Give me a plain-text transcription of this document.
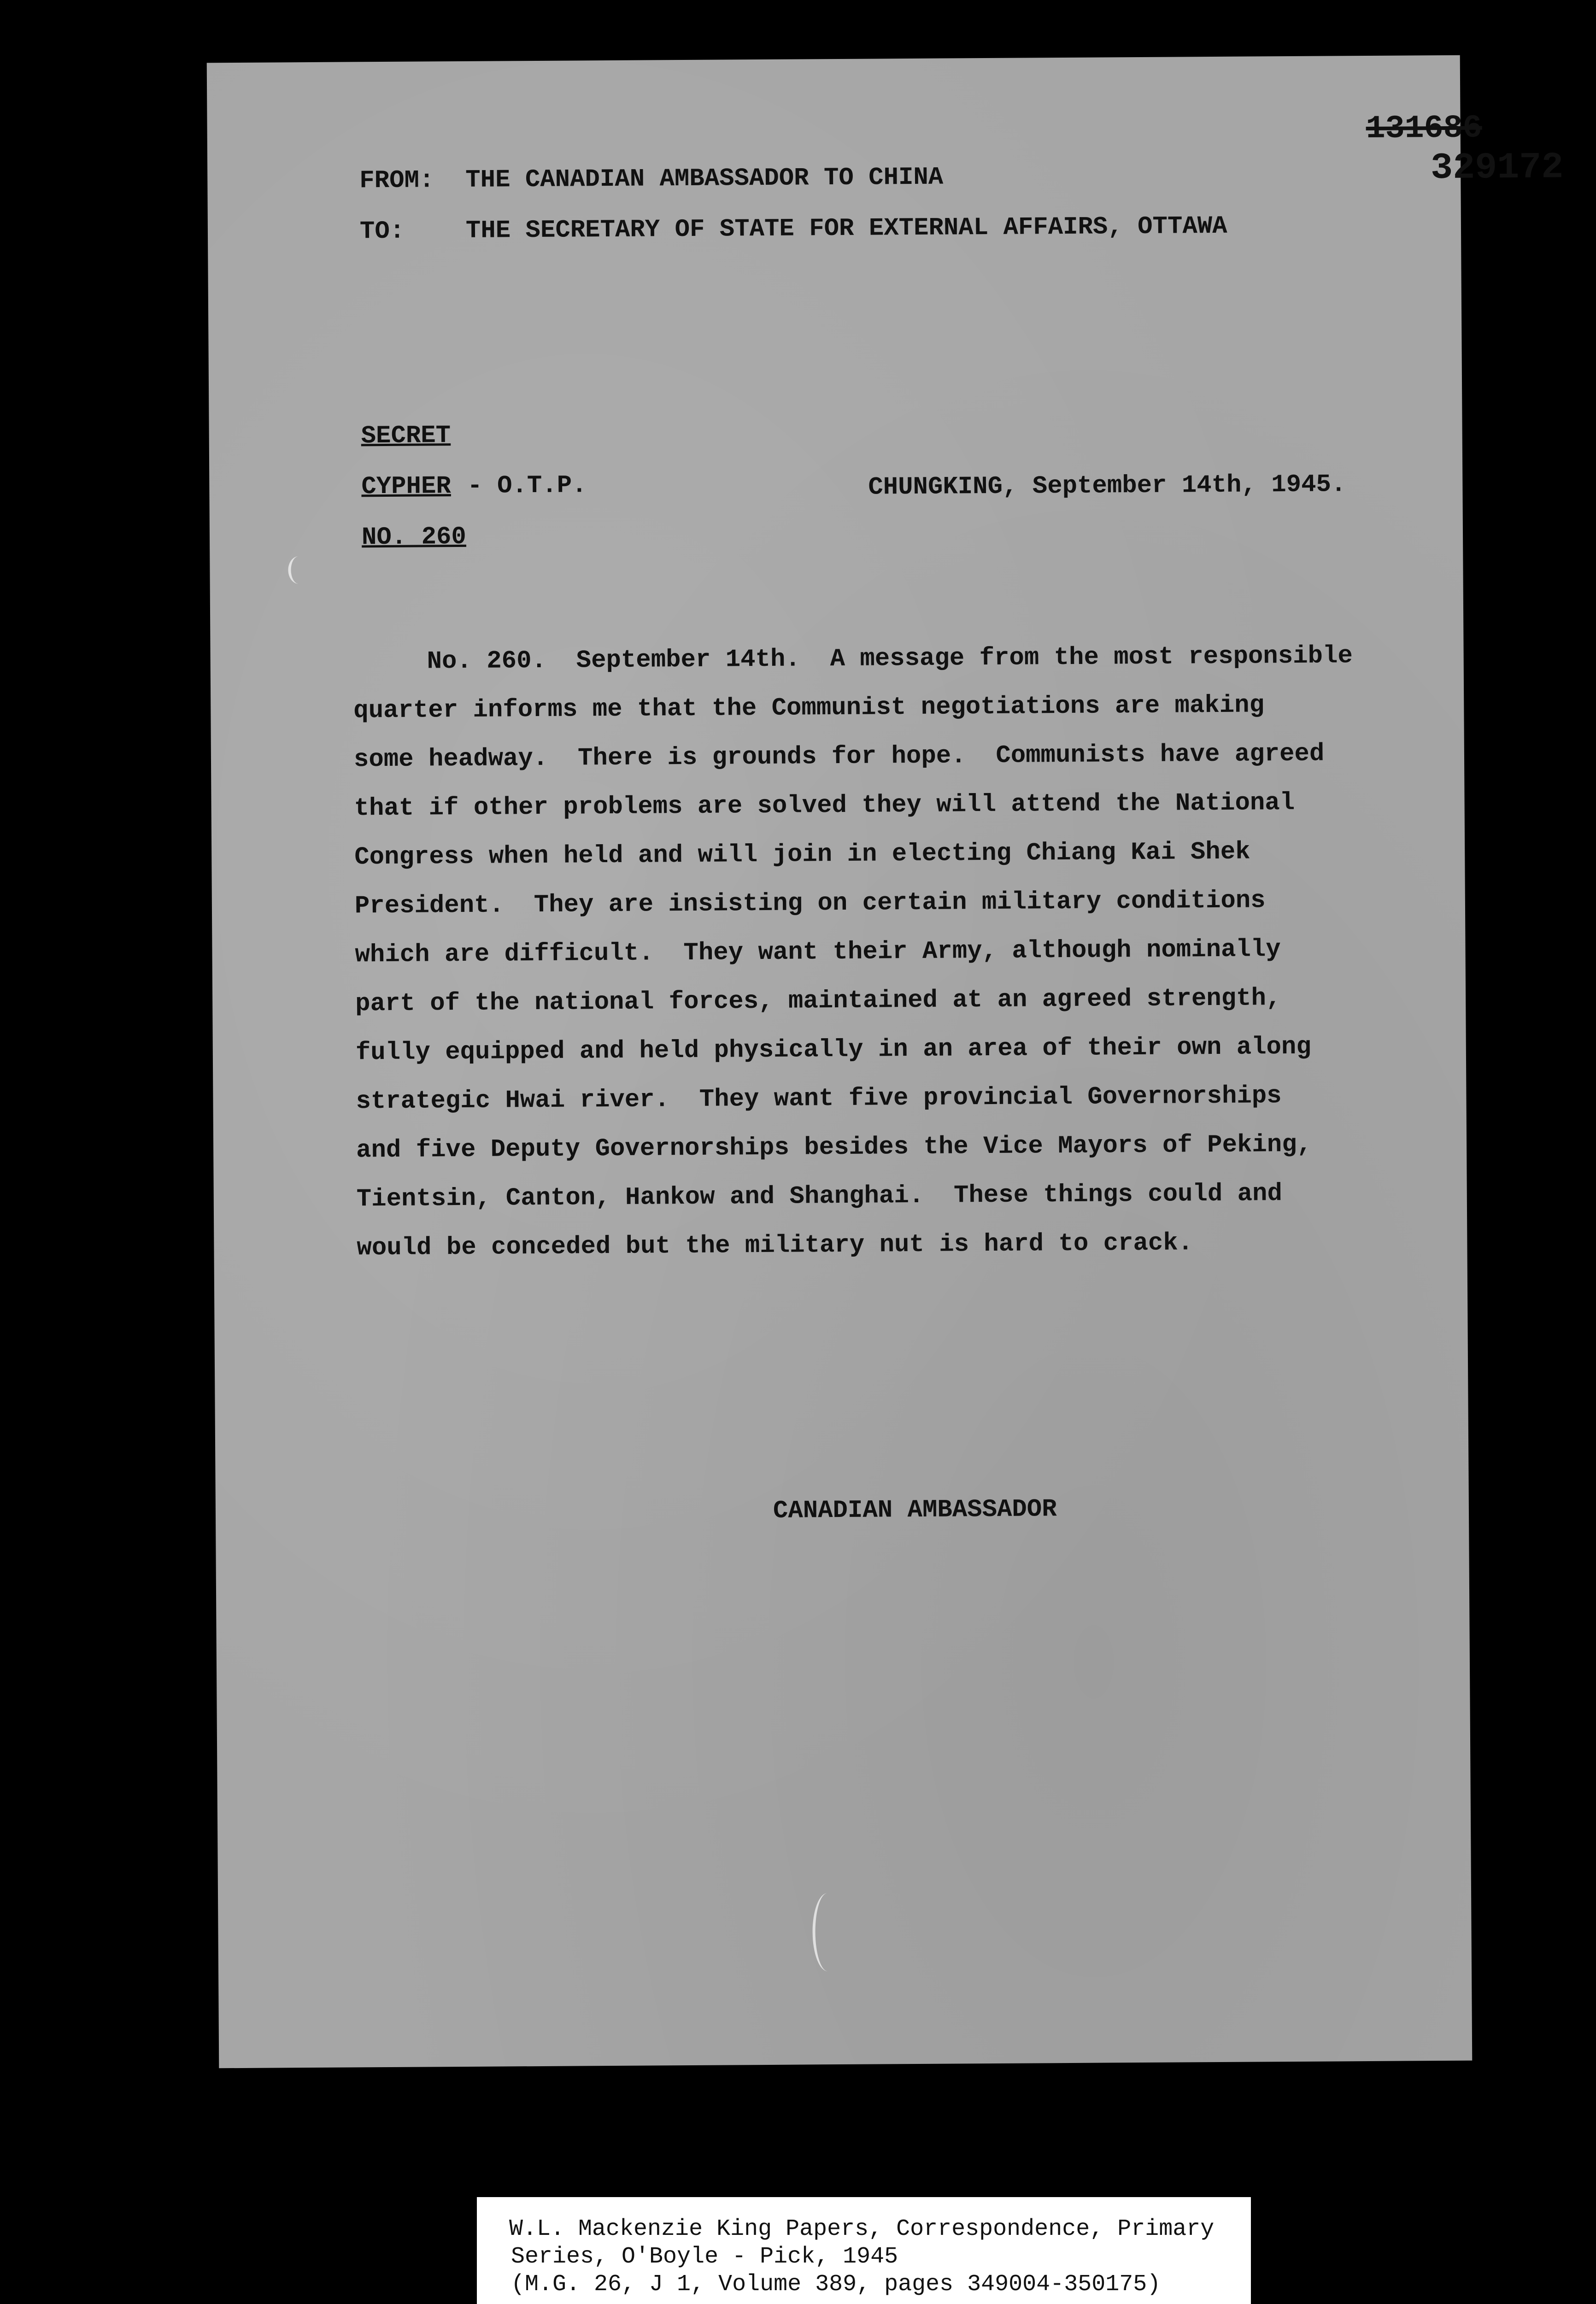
131686
329172
FROM: THE CANADIAN AMBASSADOR TO CHINA
TO: THE SECRETARY OF STATE FOR EXTERNAL AFFAIRS, OTTAWA
SECRET
CYPHER - O.T.P.	CHUNGKING, September 14th, 1945.
NO. 260
No. 260.  September 14th.  A message from the most responsible
quarter informs me that the Communist negotiations are making
some headway.  There is grounds for hope.  Communists have agreed
that if other problems are solved they will attend the National
Congress when held and will join in electing Chiang Kai Shek
President.  They are insisting on certain military conditions
which are difficult.  They want their Army, although nominally
part of the national forces, maintained at an agreed strength,
fully equipped and held physically in an area of their own along
strategic Hwai river.  They want five provincial Governorships
and five Deputy Governorships besides the Vice Mayors of Peking,
Tientsin, Canton, Hankow and Shanghai.  These things could and
would be conceded but the military nut is hard to crack.
CANADIAN AMBASSADOR
W.L. Mackenzie King Papers, Correspondence, Primary
Series, O'Boyle - Pick, 1945
(M.G. 26, J 1, Volume 389, pages 349004-350175)
